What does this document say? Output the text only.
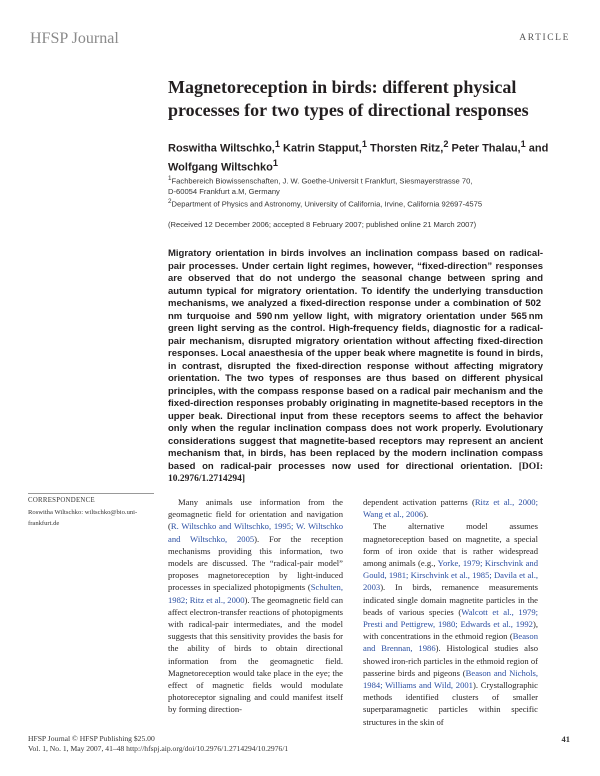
HFSP Journal	ARTICLE
Magnetoreception in birds: different physical processes for two types of directional responses
Roswitha Wiltschko,$^1$ Katrin Stapput,$^1$ Thorsten Ritz,$^2$ Peter Thalau,$^1$ and Wolfgang Wiltschko$^1$
$^1$Fachbereich Biowissenschaften, J. W. Goethe-Universit t Frankfurt, Siesmayerstrasse 70,
D-60054 Frankfurt a.M, Germany
$^2$Department of Physics and Astronomy, University of California, Irvine, California 92697-4575
(Received 12 December 2006; accepted 8 February 2007; published online 21 March 2007)

Migratory orientation in birds involves an inclination compass based on radical-pair processes. Under certain light regimes, however, “fixed-direction” responses are observed that do not undergo the seasonal change between spring and autumn typical for migratory orientation. To identify the underlying transduction mechanisms, we analyzed a fixed-direction response under a combination of 502 nm turquoise and 590 nm yellow light, with migratory orientation under 565 nm green light serving as the control. High-frequency fields, diagnostic for a radical-pair mechanism, disrupted migratory orientation without affecting fixed-direction responses. Local anaesthesia of the upper beak where magnetite is found in birds, in contrast, disrupted the fixed-direction response without affecting migratory orientation. The two types of responses are thus based on different physical principles, with the compass response based on a radical pair mechanism and the fixed-direction responses probably originating in magnetite-based receptors in the upper beak. Directional input from these receptors seems to affect the behavior only when the regular inclination compass does not work properly. Evolutionary considerations suggest that magnetite-based receptors may represent an ancient mechanism that, in birds, has been replaced by the modern inclination compass based on radical-pair processes now used for directional orientation. [DOI: 10.2976/1.2714294]

CORRESPONDENCE
Roswitha Wiltschko: wiltschko@bio.uni-frankfurt.de

Many animals use information from the geomagnetic field for orientation and navigation (R. Wiltschko and Wiltschko, 1995; W. Wiltschko and Wiltschko, 2005). For the reception mechanisms providing this information, two models are discussed. The “radical-pair model” proposes magnetoreception by light-induced processes in specialized photopigments (Schulten, 1982; Ritz et al., 2000). The geomagnetic field can affect electron-transfer reactions of photopigments with radical-pair intermediates, and the model suggests that this sensitivity provides the basis for the ability of birds to obtain directional information from the geomagnetic field. Magnetoreception would take place in the eye; the effect of magnetic fields would modulate photoreceptor signaling and could manifest itself by forming direction-

dependent activation patterns (Ritz et al., 2000; Wang et al., 2006).

The alternative model assumes magnetoreception based on magnetite, a special form of iron oxide that is rather widespread among animals (e.g., Yorke, 1979; Kirschvink and Gould, 1981; Kirschvink et al., 1985; Davila et al., 2003). In birds, remanence measurements indicated single domain magnetite particles in the beads of various species (Walcott et al., 1979; Presti and Pettigrew, 1980; Edwards et al., 1992), with concentrations in the ethmoid region (Beason and Brennan, 1986). Histological studies also showed iron-rich particles in the ethmoid region of passerine birds and pigeons (Beason and Nichols, 1984; Williams and Wild, 2001). Crystallographic methods identified clusters of smaller superparamagnetic particles within specific structures in the skin of

HFSP Journal © HFSP Publishing $25.00
Vol. 1, No. 1, May 2007, 41–48 http://hfspj.aip.org/doi/10.2976/1.2714294/10.2976/1
41
